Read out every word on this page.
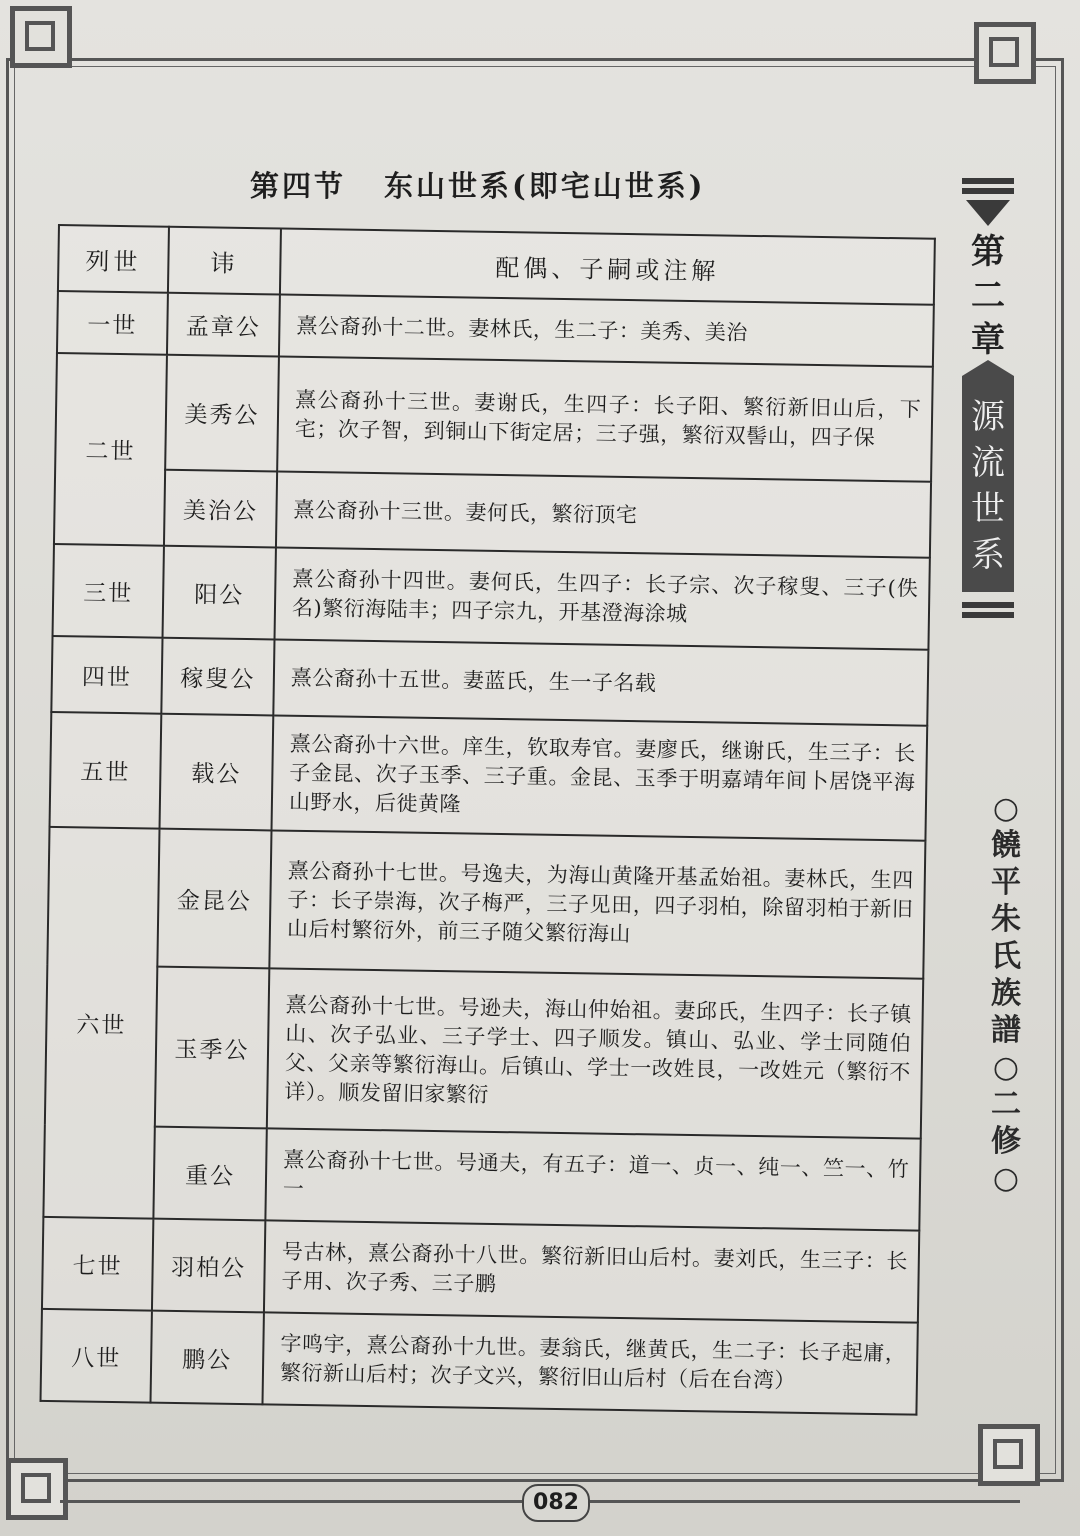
第四节 东山世系(即宅山世系)
列世	讳	配偶、子嗣或注解
一世	孟章公	熹公裔孙十二世。妻林氏，生二子：美秀、美治
二世	美秀公	熹公裔孙十三世。妻谢氏，生四子：长子阳、繁衍新旧山后，下宅；次子智，到铜山下街定居；三子强，繁衍双髻山，四子保
	美治公	熹公裔孙十三世。妻何氏，繁衍顶宅
三世	阳公	熹公裔孙十四世。妻何氏，生四子：长子宗、次子稼叟、三子(佚名)繁衍海陆丰；四子宗九，开基澄海涂城
四世	稼叟公	熹公裔孙十五世。妻蓝氏，生一子名载
五世	载公	熹公裔孙十六世。庠生，钦取寿官。妻廖氏，继谢氏，生三子：长子金昆、次子玉季、三子重。金昆、玉季于明嘉靖年间卜居饶平海山野水，后徙黄隆
六世	金昆公	熹公裔孙十七世。号逸夫，为海山黄隆开基孟始祖。妻林氏，生四子：长子崇海，次子梅严，三子见田，四子羽柏，除留羽柏于新旧山后村繁衍外，前三子随父繁衍海山
	玉季公	熹公裔孙十七世。号逊夫，海山仲始祖。妻邱氏，生四子：长子镇山、次子弘业、三子学士、四子顺发。镇山、弘业、学士同随伯父、父亲等繁衍海山。后镇山、学士一改姓艮，一改姓元（繁衍不详）。顺发留旧家繁衍
	重公	熹公裔孙十七世。号通夫，有五子：道一、贞一、纯一、竺一、竹一
七世	羽柏公	号古林，熹公裔孙十八世。繁衍新旧山后村。妻刘氏，生三子：长子用、次子秀、三子鹏
八世	鹏公	字鸣宇，熹公裔孙十九世。妻翁氏，继黄氏，生二子：长子起庸，繁衍新山后村；次子文兴，繁衍旧山后村（后在台湾）
第二章
源流世系
○饒平朱氏族譜○二修○
082
